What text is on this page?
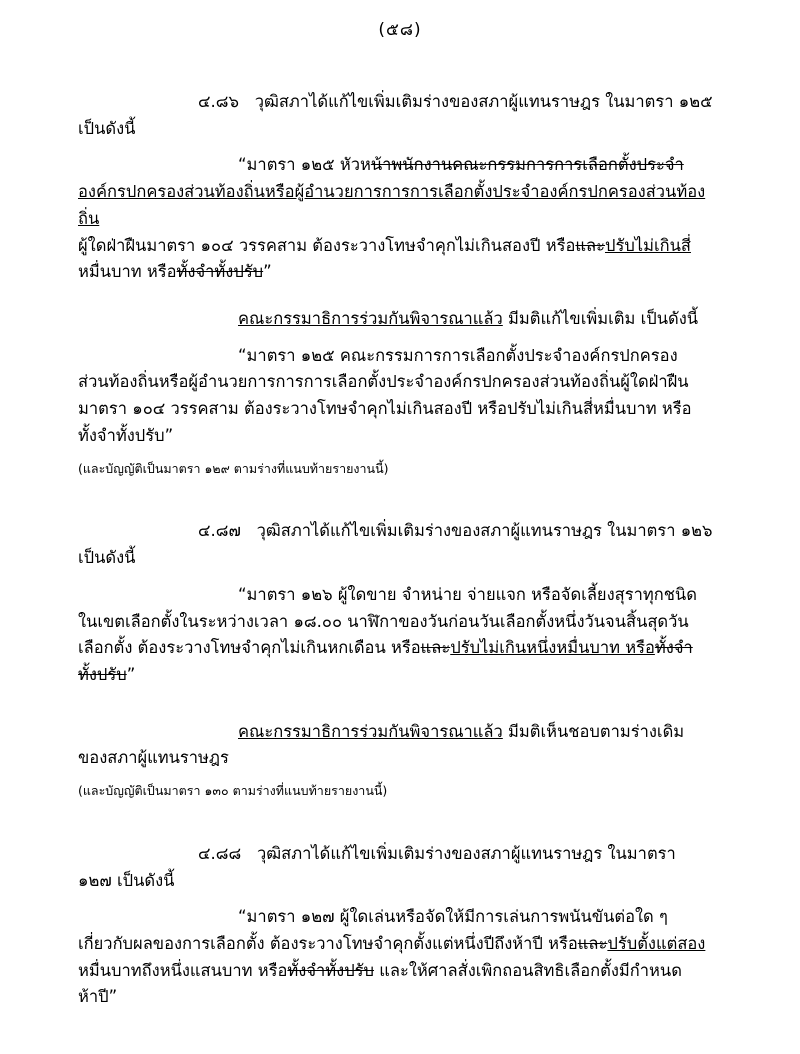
(๕๘)

๔.๘๖ วุฒิสภาได้แก้ไขเพิ่มเติมร่างของสภาผู้แทนราษฎร ในมาตรา ๑๒๕

เป็นดังนี้

“มาตรา ๑๒๕ หัวหน้าพนักงานคณะกรรมการการเลือกตั้งประจำ

องค์กรปกครองส่วนท้องถิ่นหรือผู้อำนวยการการการเลือกตั้งประจำองค์กรปกครองส่วนท้องถิ่น

ผู้ใดฝ่าฝืนมาตรา ๑๐๔ วรรคสาม ต้องระวางโทษจำคุกไม่เกินสองปี หรือและปรับไม่เกินสี่

หมื่นบาท หรือทั้งจำทั้งปรับ”

คณะกรรมาธิการร่วมกันพิจารณาแล้ว มีมติแก้ไขเพิ่มเติม เป็นดังนี้

“มาตรา ๑๒๕ คณะกรรมการการเลือกตั้งประจำองค์กรปกครอง

ส่วนท้องถิ่นหรือผู้อำนวยการการการเลือกตั้งประจำองค์กรปกครองส่วนท้องถิ่นผู้ใดฝ่าฝืน

มาตรา ๑๐๔ วรรคสาม ต้องระวางโทษจำคุกไม่เกินสองปี หรือปรับไม่เกินสี่หมื่นบาท หรือ

ทั้งจำทั้งปรับ”

(และบัญญัติเป็นมาตรา ๑๒๙ ตามร่างที่แนบท้ายรายงานนี้)

๔.๘๗ วุฒิสภาได้แก้ไขเพิ่มเติมร่างของสภาผู้แทนราษฎร ในมาตรา ๑๒๖

เป็นดังนี้

“มาตรา ๑๒๖ ผู้ใดขาย จำหน่าย จ่ายแจก หรือจัดเลี้ยงสุราทุกชนิด

ในเขตเลือกตั้งในระหว่างเวลา ๑๘.๐๐ นาฬิกาของวันก่อนวันเลือกตั้งหนึ่งวันจนสิ้นสุดวัน

เลือกตั้ง ต้องระวางโทษจำคุกไม่เกินหกเดือน หรือและปรับไม่เกินหนึ่งหมื่นบาท หรือทั้งจำ

ทั้งปรับ”

คณะกรรมาธิการร่วมกันพิจารณาแล้ว มีมติเห็นชอบตามร่างเดิม

ของสภาผู้แทนราษฎร

(และบัญญัติเป็นมาตรา ๑๓๐ ตามร่างที่แนบท้ายรายงานนี้)

๔.๘๘ วุฒิสภาได้แก้ไขเพิ่มเติมร่างของสภาผู้แทนราษฎร ในมาตรา

๑๒๗ เป็นดังนี้

“มาตรา ๑๒๗ ผู้ใดเล่นหรือจัดให้มีการเล่นการพนันขันต่อใด ๆ

เกี่ยวกับผลของการเลือกตั้ง ต้องระวางโทษจำคุกตั้งแต่หนึ่งปีถึงห้าปี หรือและปรับตั้งแต่สอง

หมื่นบาทถึงหนึ่งแสนบาท หรือทั้งจำทั้งปรับ และให้ศาลสั่งเพิกถอนสิทธิเลือกตั้งมีกำหนด

ห้าปี”
